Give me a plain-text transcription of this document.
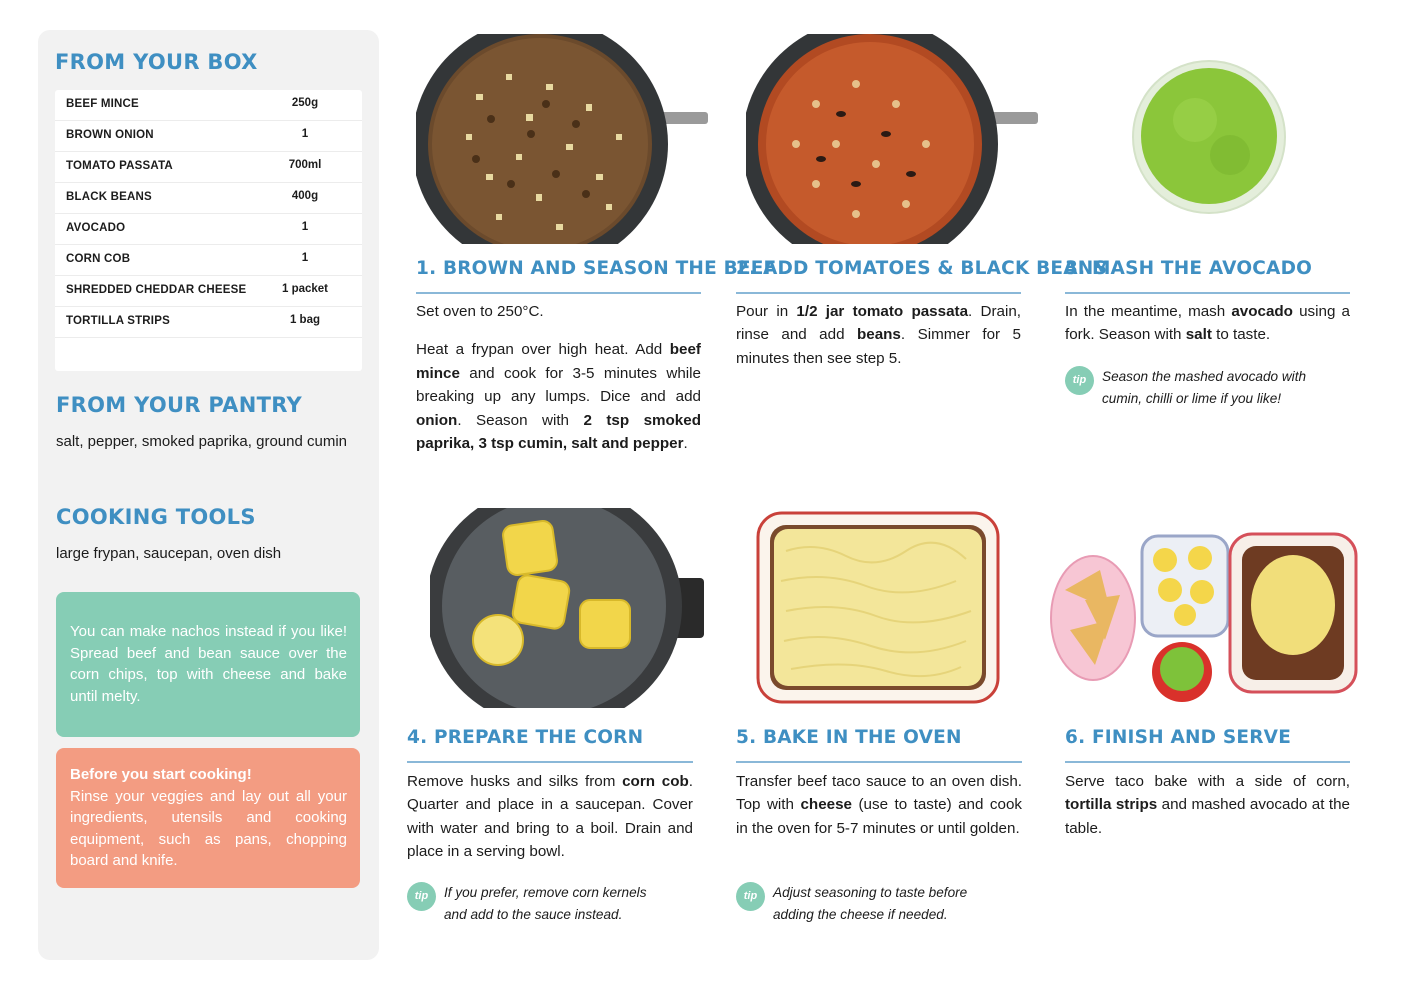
FROM YOUR BOX
BEEF MINCE	250g
BROWN ONION	1
TOMATO PASSATA	700ml
BLACK BEANS	400g
AVOCADO	1
CORN COB	1
SHREDDED CHEDDAR CHEESE	1 packet
TORTILLA STRIPS	1 bag
FROM YOUR PANTRY
salt, pepper, smoked paprika, ground cumin
COOKING TOOLS
large frypan, saucepan, oven dish
You can make nachos instead if you like! Spread beef and bean sauce over the corn chips, top with cheese and bake until melty.
Before you start cooking!
Rinse your veggies and lay out all your ingredients, utensils and cooking equipment, such as pans, chopping board and knife.
1. BROWN AND SEASON THE BEEF
Set oven to 250°C.
Heat a frypan over high heat. Add beef mince and cook for 3-5 minutes while breaking up any lumps. Dice and add onion. Season with 2 tsp smoked paprika, 3 tsp cumin, salt and pepper.
2. ADD TOMATOES & BLACK BEANS
Pour in 1/2 jar tomato passata. Drain, rinse and add beans. Simmer for 5 minutes then see step 5.
3. MASH THE AVOCADO
In the meantime, mash avocado using a fork. Season with salt to taste.
tip	Season the mashed avocado with
cumin, chilli or lime if you like!
4. PREPARE THE CORN
Remove husks and silks from corn cob. Quarter and place in a saucepan. Cover with water and bring to a boil. Drain and place in a serving bowl.
tip	If you prefer, remove corn kernels
and add to the sauce instead.
5. BAKE IN THE OVEN
Transfer beef taco sauce to an oven dish. Top with cheese (use to taste) and cook in the oven for 5-7 minutes or until golden.
tip	Adjust seasoning to taste before
adding the cheese if needed.
6. FINISH AND SERVE
Serve taco bake with a side of corn, tortilla strips and mashed avocado at the table.
